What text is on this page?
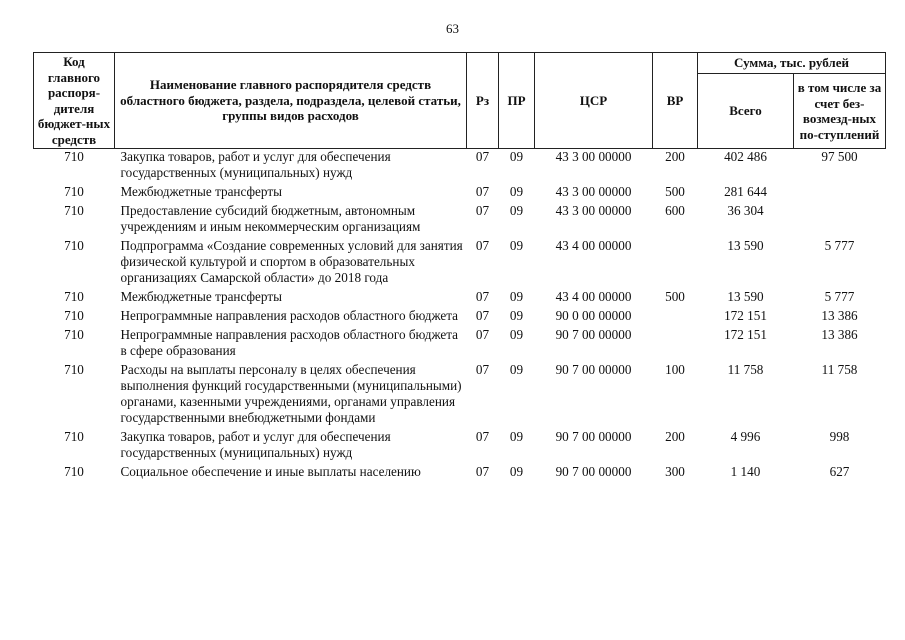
63
Код главного распоря-дителя бюджет-ных средств	Наименование главного распорядителя средств областного бюджета, раздела, подраздела, целевой статьи, группы видов расходов	Рз	ПР	ЦСР	ВР	Сумма, тыс. рублей	
						Всего	в том числе за счет без-возмезд-ных по-ступлений
710	Закупка товаров, работ и услуг для обеспечения государственных (муниципальных) нужд	07	09	43 3 00 00000	200	402 486	97 500
710	Межбюджетные трансферты	07	09	43 3 00 00000	500	281 644	
710	Предоставление субсидий бюджетным, автономным учреждениям и иным некоммерческим организациям	07	09	43 3 00 00000	600	36 304	
710	Подпрограмма «Создание современных условий для занятия физической культурой и спортом в образовательных организациях Самарской области» до 2018 года	07	09	43 4 00 00000		13 590	5 777
710	Межбюджетные трансферты	07	09	43 4 00 00000	500	13 590	5 777
710	Непрограммные направления расходов областного бюджета	07	09	90 0 00 00000		172 151	13 386
710	Непрограммные направления расходов областного бюджета в сфере образования	07	09	90 7 00 00000		172 151	13 386
710	Расходы на выплаты персоналу в целях обеспечения выполнения функций государственными (муниципальными) органами, казенными учреждениями, органами управления государственными внебюджетными фондами	07	09	90 7 00 00000	100	11 758	11 758
710	Закупка товаров, работ и услуг для обеспечения государственных (муниципальных) нужд	07	09	90 7 00 00000	200	4 996	998
710	Социальное обеспечение и иные выплаты населению	07	09	90 7 00 00000	300	1 140	627
